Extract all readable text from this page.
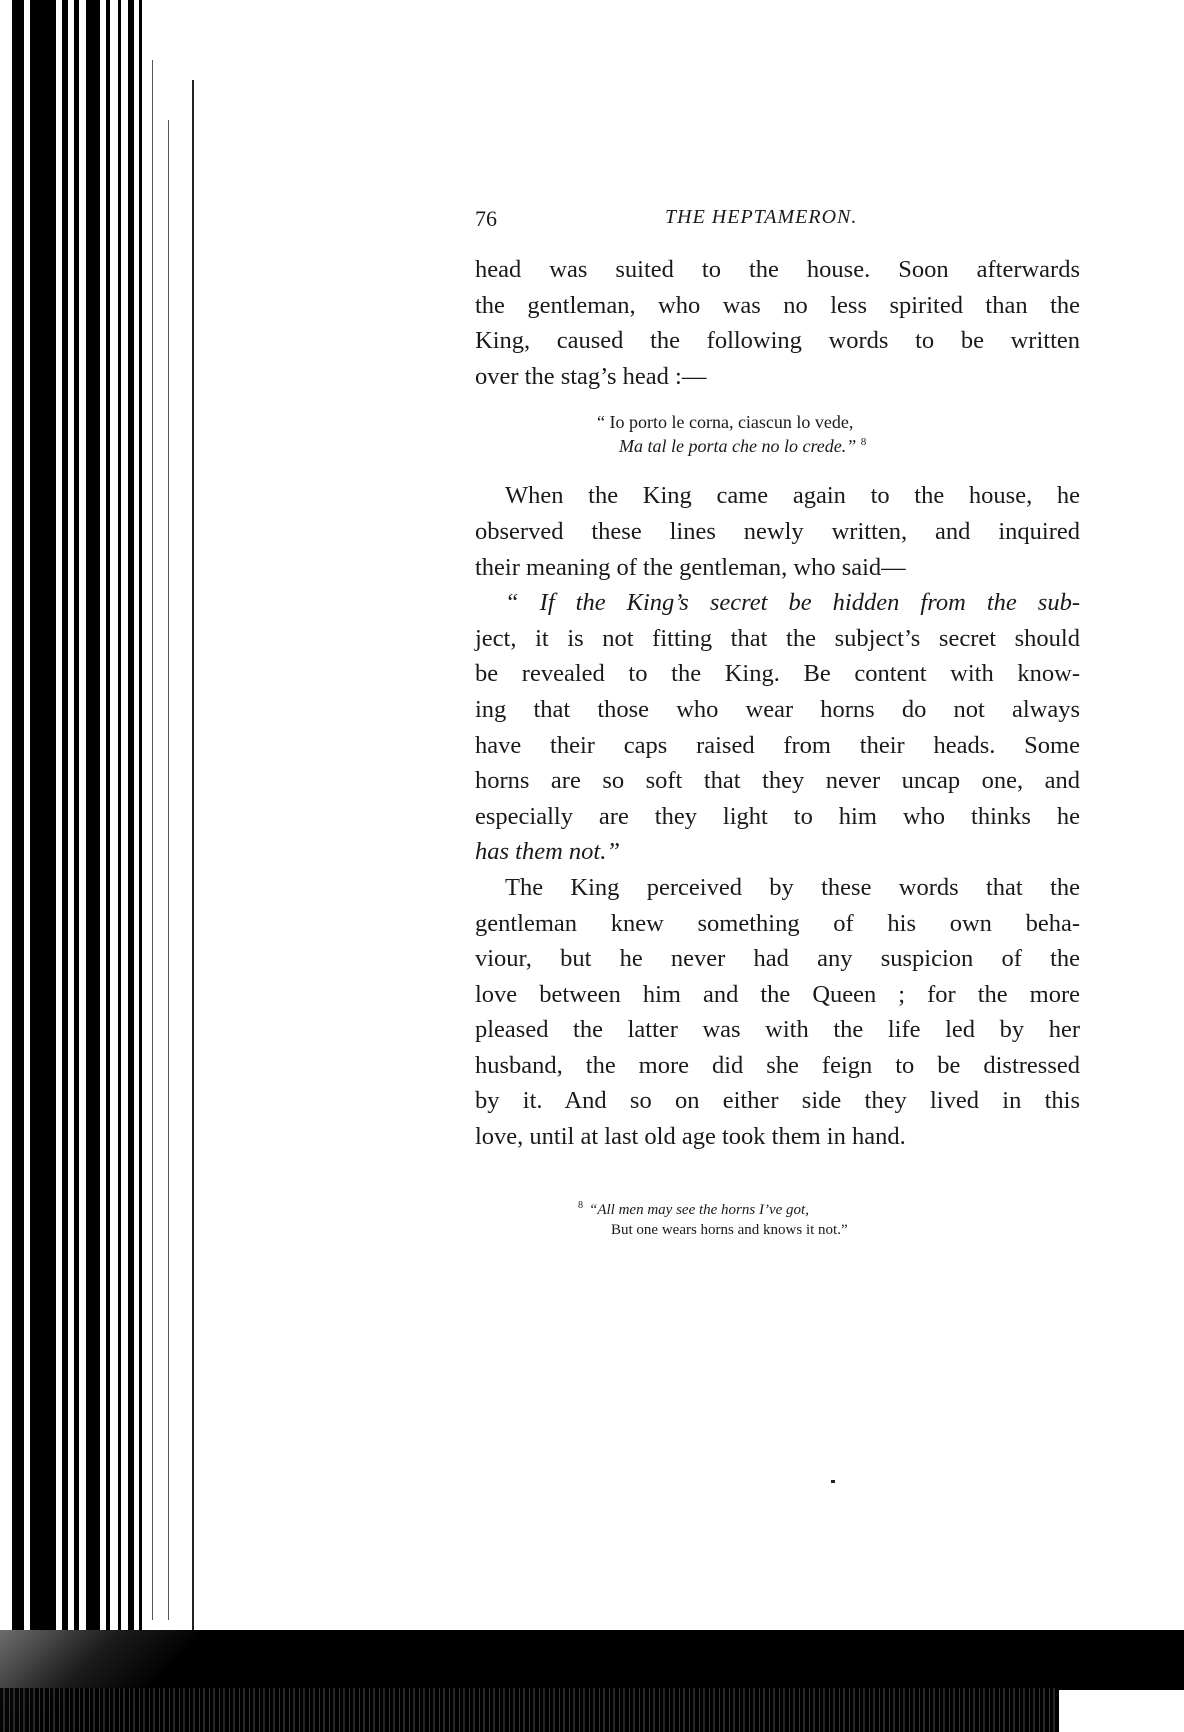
76	THE HEPTAMERON.

head was suited to the house. Soon afterwards

the gentleman, who was no less spirited than the

King, caused the following words to be written

over the stag’s head :—

“ Io porto le corna, ciascun lo vede,
Ma tal le porta che no lo crede.” $^8$

When the King came again to the house, he

observed these lines newly written, and inquired

their meaning of the gentleman, who said—

“ If the King’s secret be hidden from the sub-

ject, it is not fitting that the subject’s secret should

be revealed to the King. Be content with know-

ing that those who wear horns do not always

have their caps raised from their heads. Some

horns are so soft that they never uncap one, and

especially are they light to him who thinks he

has them not.”

The King perceived by these words that the

gentleman knew something of his own beha-

viour, but he never had any suspicion of the

love between him and the Queen ; for the more

pleased the latter was with the life led by her

husband, the more did she feign to be distressed

by it. And so on either side they lived in this

love, until at last old age took them in hand.

$^8$ “All men may see the horns I’ve got,
But one wears horns and knows it not.”
